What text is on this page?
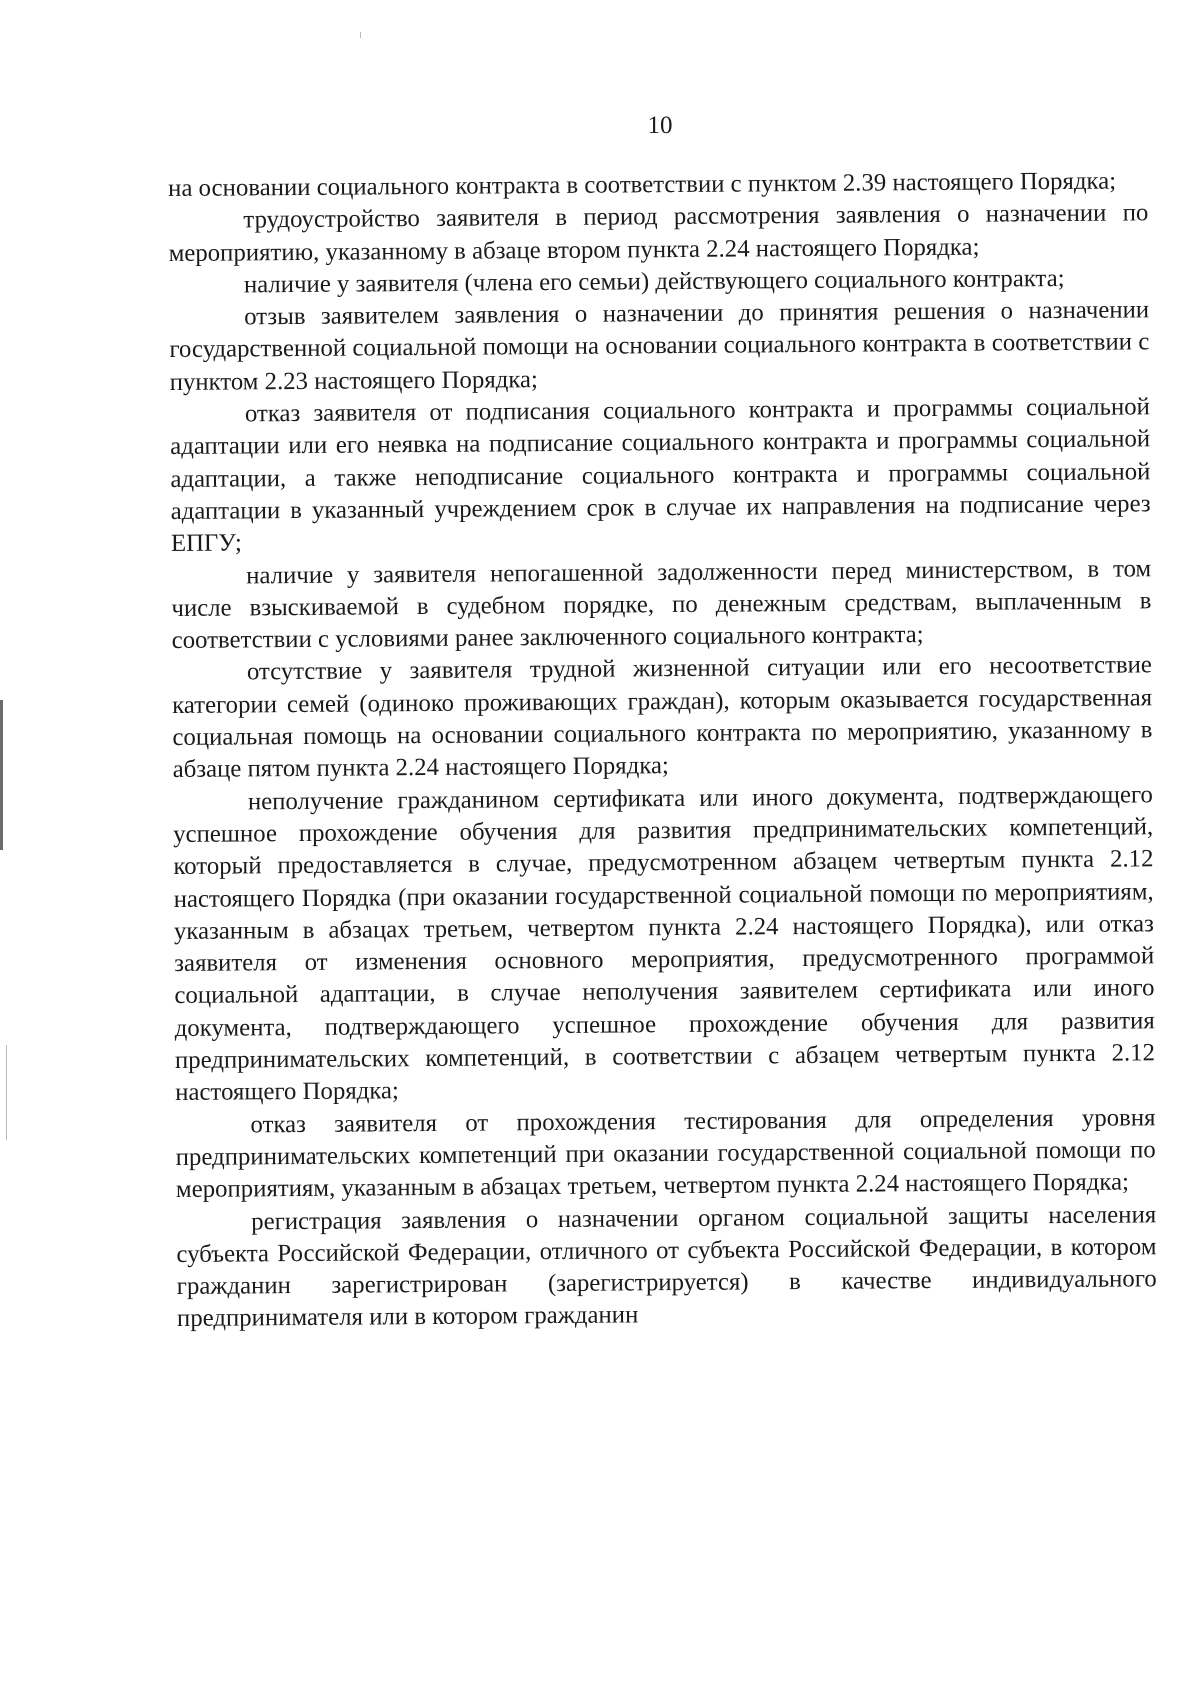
10

на основании социального контракта в соответствии с пунктом 2.39 настоящего Порядка;

трудоустройство заявителя в период рассмотрения заявления о назначении по мероприятию, указанному в абзаце втором пункта 2.24 настоящего Порядка;

наличие у заявителя (члена его семьи) действующего социального контракта;

отзыв заявителем заявления о назначении до принятия решения о назначении государственной социальной помощи на основании социального контракта в соответствии с пунктом 2.23 настоящего Порядка;

отказ заявителя от подписания социального контракта и программы социальной адаптации или его неявка на подписание социального контракта и программы социальной адаптации, а также неподписание социального контракта и программы социальной адаптации в указанный учреждением срок в случае их направления на подписание через ЕПГУ;

наличие у заявителя непогашенной задолженности перед министерством, в том числе взыскиваемой в судебном порядке, по денежным средствам, выплаченным в соответствии с условиями ранее заключенного социального контракта;

отсутствие у заявителя трудной жизненной ситуации или его несоответствие категории семей (одиноко проживающих граждан), которым оказывается государственная социальная помощь на основании социального контракта по мероприятию, указанному в абзаце пятом пункта 2.24 настоящего Порядка;

неполучение гражданином сертификата или иного документа, подтверждающего успешное прохождение обучения для развития предпринимательских компетенций, который предоставляется в случае, предусмотренном абзацем четвертым пункта 2.12 настоящего Порядка (при оказании государственной социальной помощи по мероприятиям, указанным в абзацах третьем, четвертом пункта 2.24 настоящего Порядка), или отказ заявителя от изменения основного мероприятия, предусмотренного программой социальной адаптации, в случае неполучения заявителем сертификата или иного документа, подтверждающего успешное прохождение обучения для развития предпринимательских компетенций, в соответствии с абзацем четвертым пункта 2.12 настоящего Порядка;

отказ заявителя от прохождения тестирования для определения уровня предпринимательских компетенций при оказании государственной социальной помощи по мероприятиям, указанным в абзацах третьем, четвертом пункта 2.24 настоящего Порядка;

регистрация заявления о назначении органом социальной защиты населения субъекта Российской Федерации, отличного от субъекта Российской Федерации, в котором гражданин зарегистрирован (зарегистрируется) в качестве индивидуального предпринимателя или в котором гражданин
